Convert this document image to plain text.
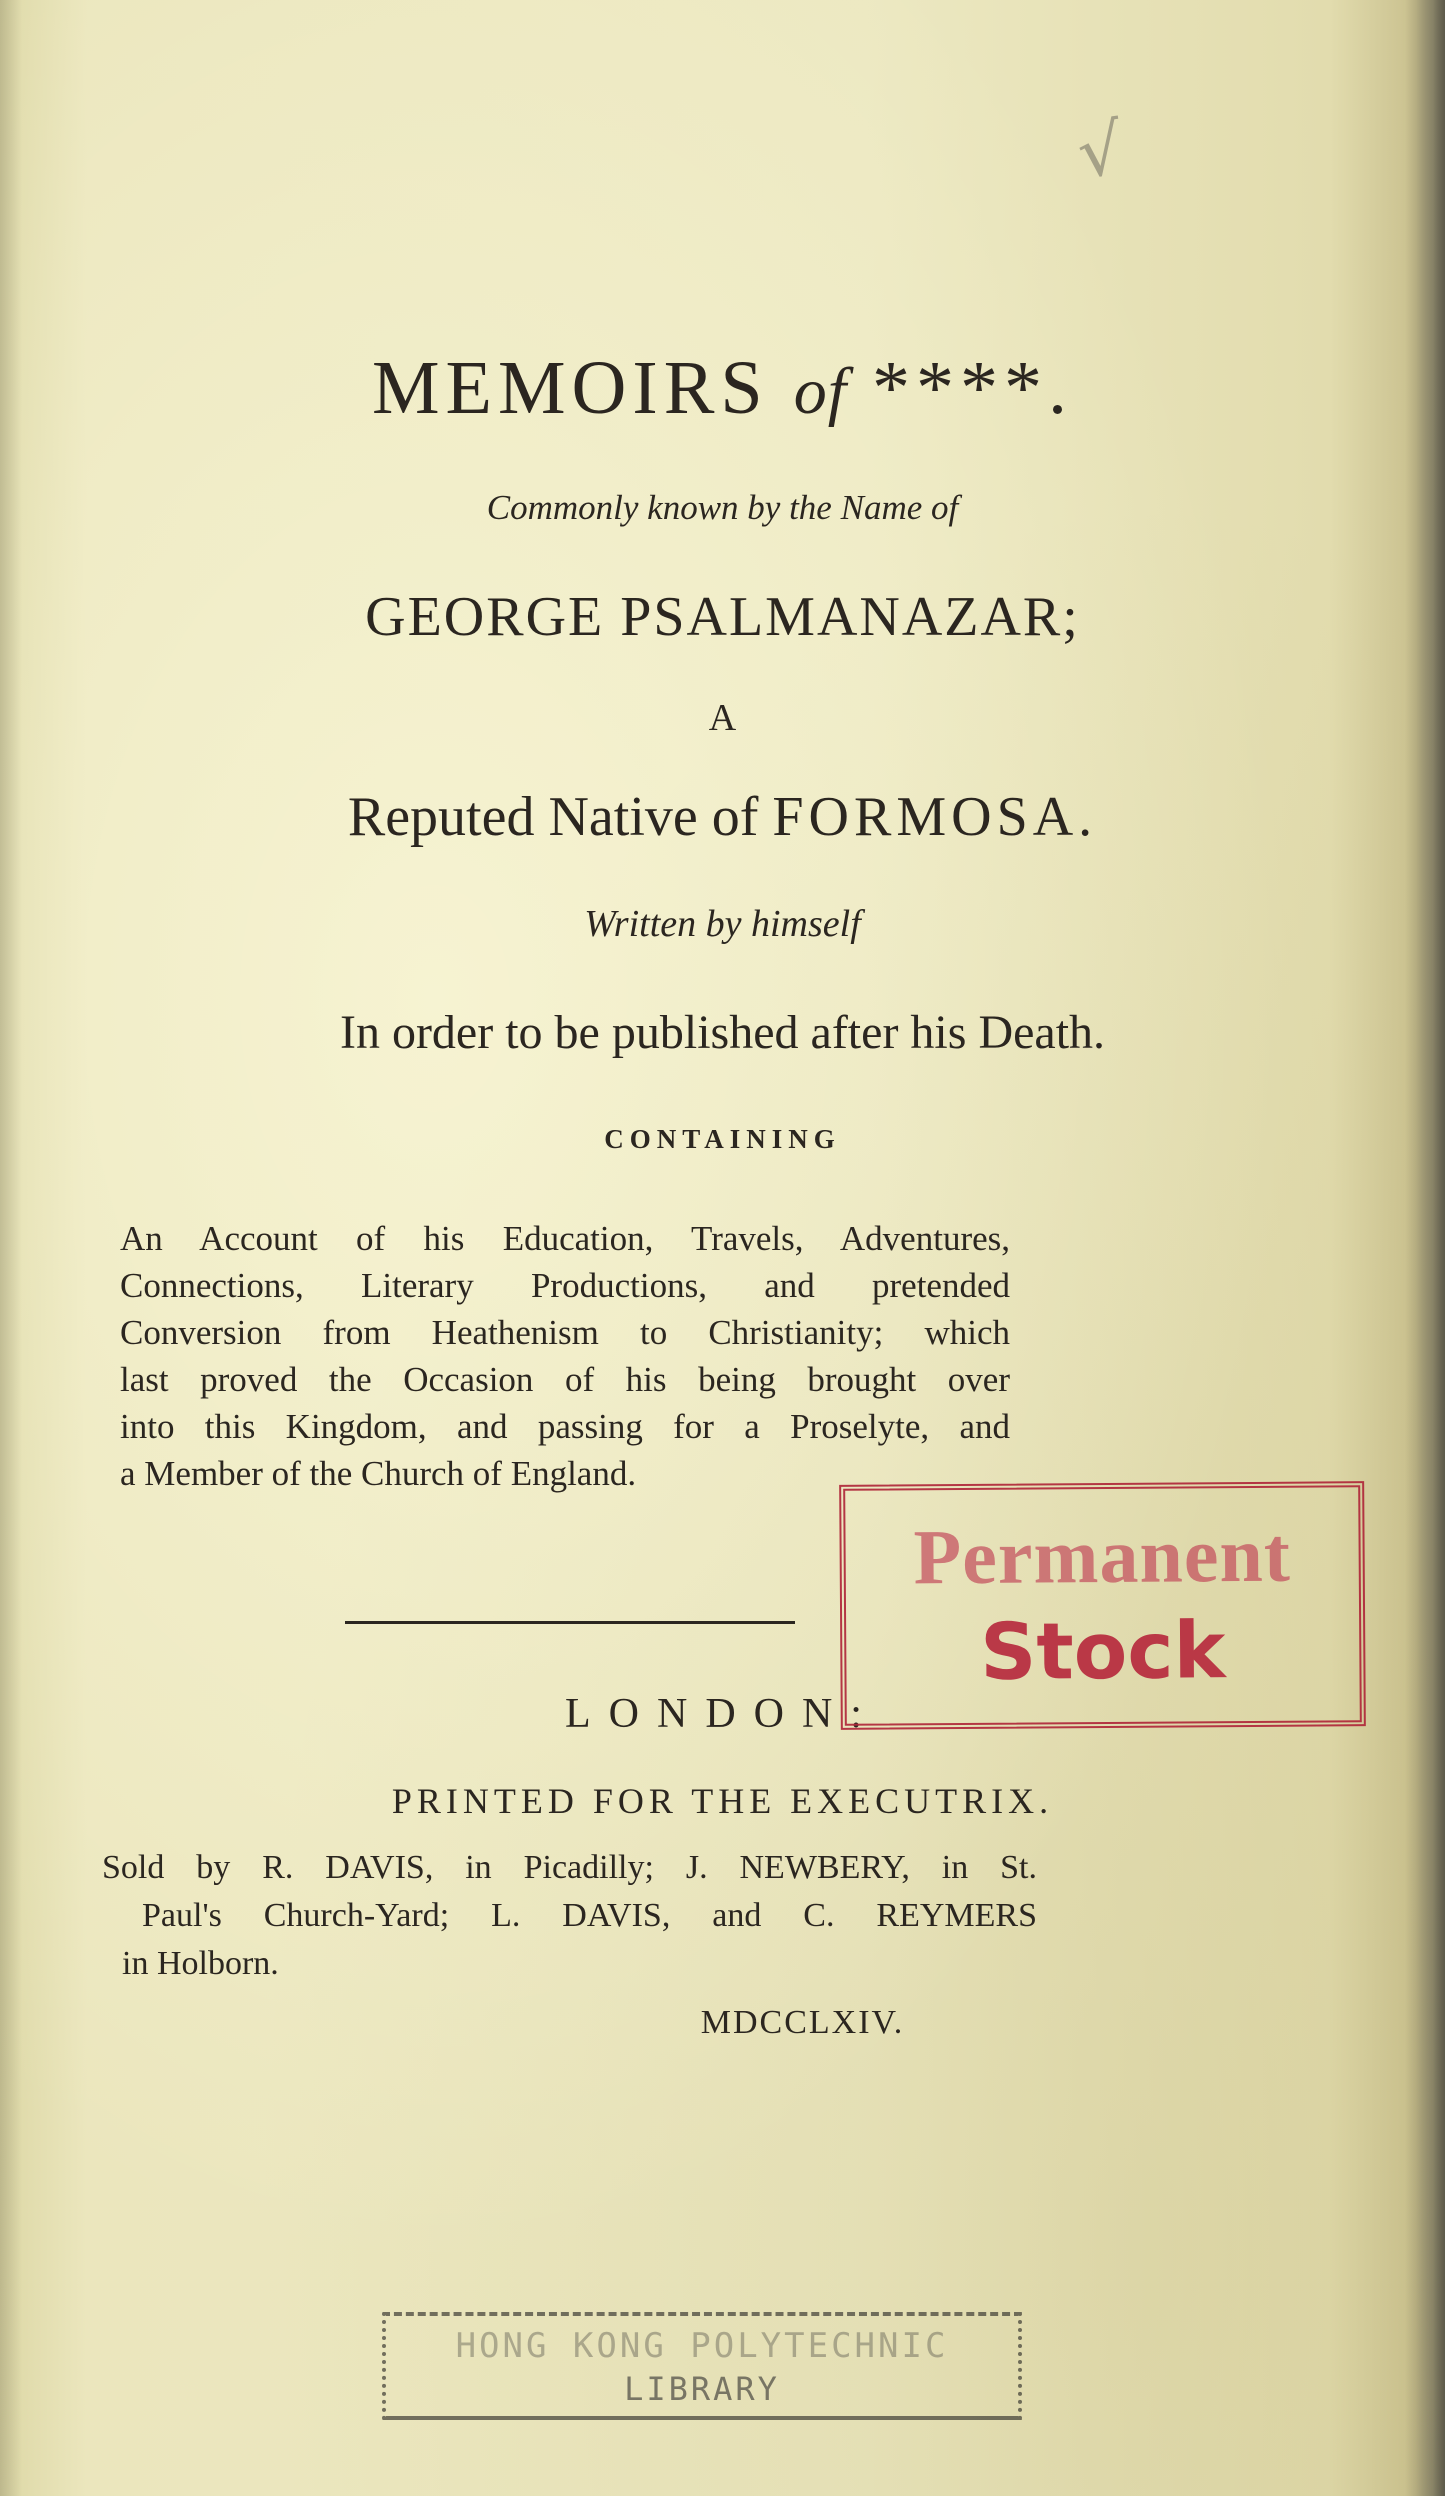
√
MEMOIRS of ****.
Commonly known by the Name of
GEORGE PSALMANAZAR;
A
Reputed Native of FORMOSA.
Written by himself
In order to be published after his Death.
CONTAINING
An Account of his Education, Travels, Adventures,
Connections, Literary Productions, and pretended
Conversion from Heathenism to Christianity; which
last proved the Occasion of his being brought over
into this Kingdom, and passing for a Proselyte, and
a Member of the Church of England.
LONDON:
PRINTED FOR THE EXECUTRIX.
Sold by R. DAVIS, in Picadilly; J. NEWBERY, in St.
Paul's Church-Yard; L. DAVIS, and C. REYMERS
in Holborn.
MDCCLXIV.
Permanent
Stock
HONG KONG POLYTECHNIC
LIBRARY
